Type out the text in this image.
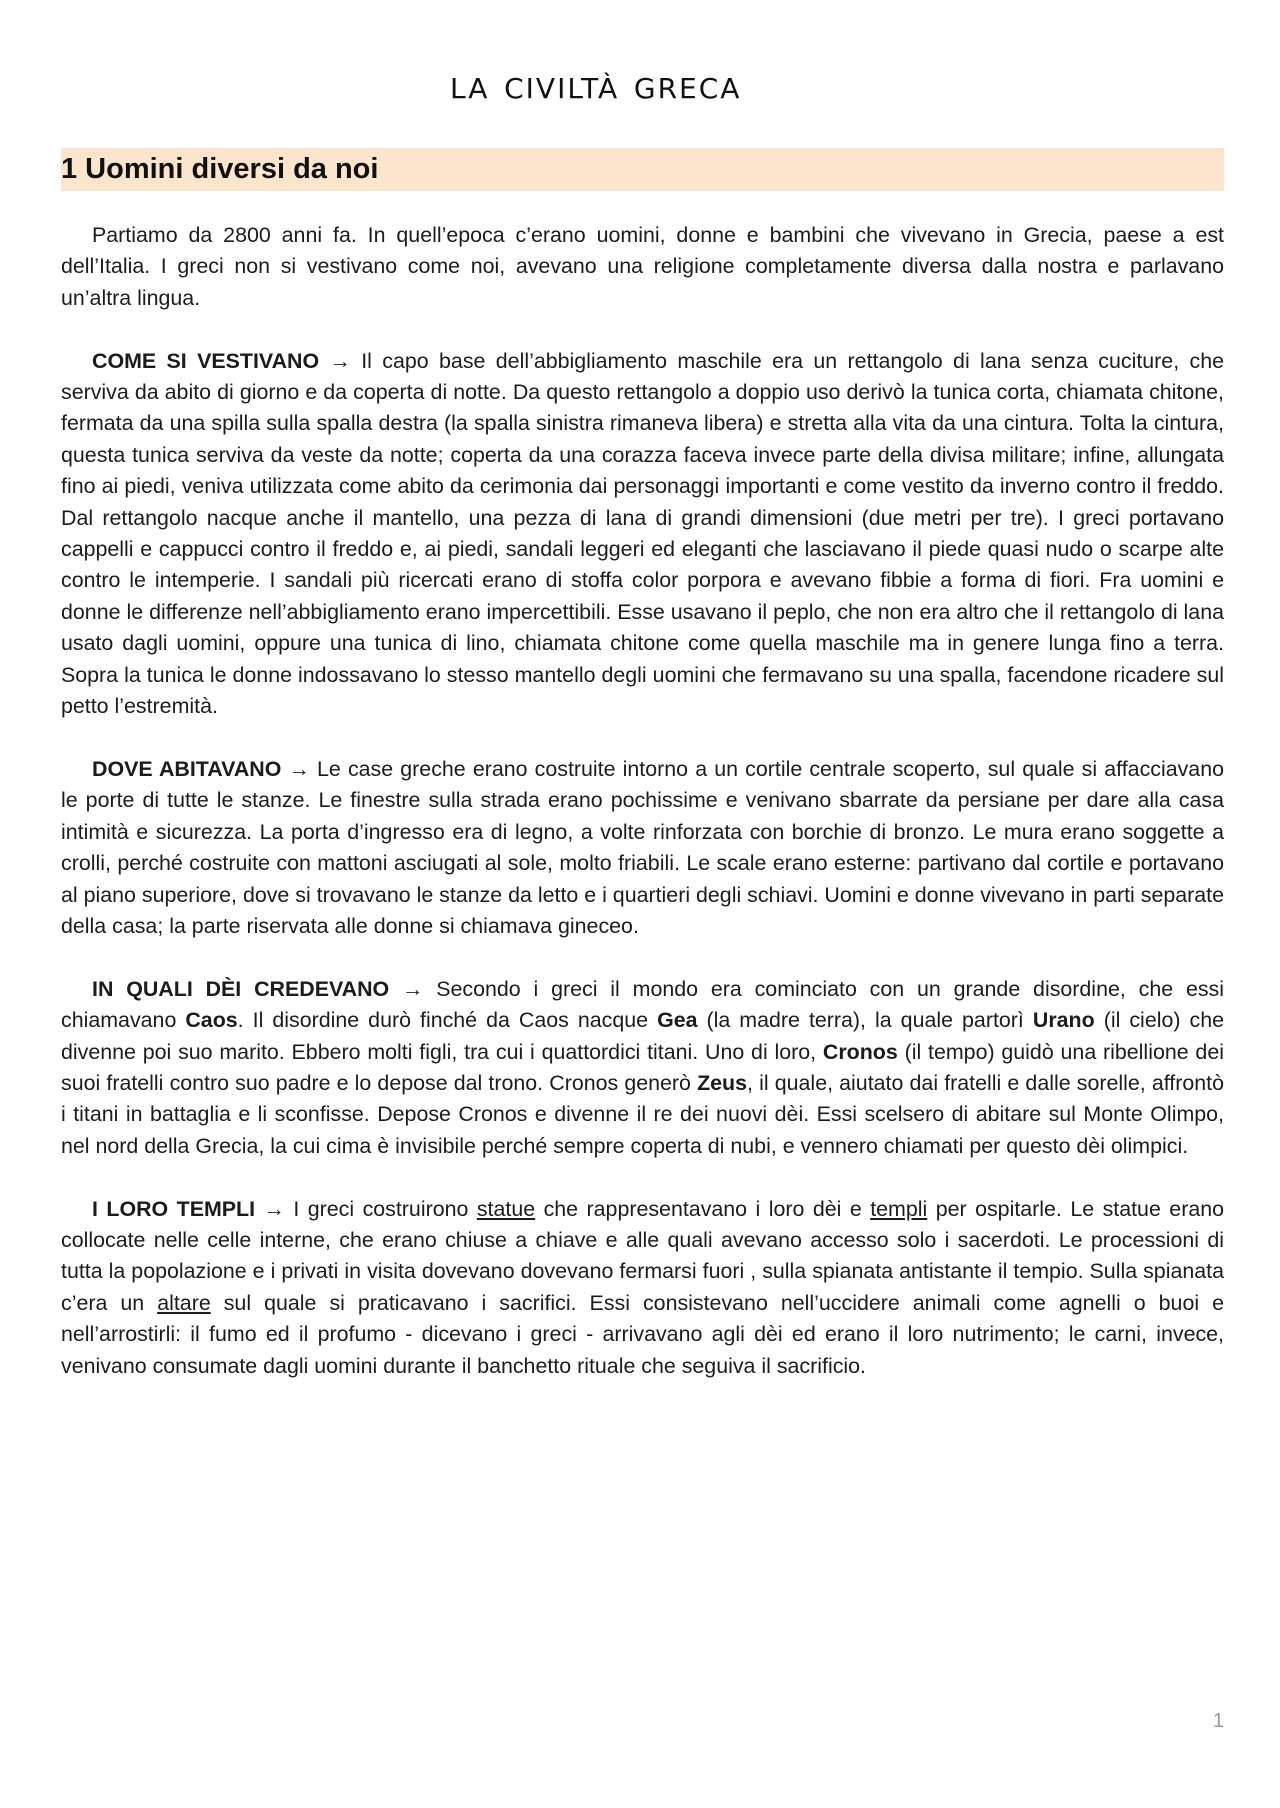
la civiltà greca
1 Uomini diversi da noi

Partiamo da 2800 anni fa. In quell’epoca c’erano uomini, donne e bambini che vivevano in Grecia, paese a est dell’Italia. I greci non si vestivano come noi, avevano una religione completamente diversa dalla nostra e parlavano un’altra lingua.

COME SI VESTIVANO → Il capo base dell’abbigliamento maschile era un rettangolo di lana senza cuciture, che serviva da abito di giorno e da coperta di notte. Da questo rettangolo a doppio uso derivò la tunica corta, chiamata chitone, fermata da una spilla sulla spalla destra (la spalla sinistra rimaneva libera) e stretta alla vita da una cintura. Tolta la cintura, questa tunica serviva da veste da notte; coperta da una corazza faceva invece parte della divisa militare; infine, allungata fino ai piedi, veniva utilizzata come abito da cerimonia dai personaggi importanti e come vestito da inverno contro il freddo. Dal rettangolo nacque anche il mantello, una pezza di lana di grandi dimensioni (due metri per tre). I greci portavano cappelli e cappucci contro il freddo e, ai piedi, sandali leggeri ed eleganti che lasciavano il piede quasi nudo o scarpe alte contro le intemperie. I sandali più ricercati erano di stoffa color porpora e avevano fibbie a forma di fiori. Fra uomini e donne le differenze nell’abbigliamento erano impercettibili. Esse usavano il peplo, che non era altro che il rettangolo di lana usato dagli uomini, oppure una tunica di lino, chiamata chitone come quella maschile ma in genere lunga fino a terra. Sopra la tunica le donne indossavano lo stesso mantello degli uomini che fermavano su una spalla, facendone ricadere sul petto l’estremità.

DOVE ABITAVANO → Le case greche erano costruite intorno a un cortile centrale scoperto, sul quale si affacciavano le porte di tutte le stanze. Le finestre sulla strada erano pochissime e venivano sbarrate da persiane per dare alla casa intimità e sicurezza. La porta d’ingresso era di legno, a volte rinforzata con borchie di bronzo. Le mura erano soggette a crolli, perché costruite con mattoni asciugati al sole, molto friabili. Le scale erano esterne: partivano dal cortile e portavano al piano superiore, dove si trovavano le stanze da letto e i quartieri degli schiavi. Uomini e donne vivevano in parti separate della casa; la parte riservata alle donne si chiamava gineceo.

IN QUALI DÈI CREDEVANO → Secondo i greci il mondo era cominciato con un grande disordine, che essi chiamavano Caos. Il disordine durò finché da Caos nacque Gea (la madre terra), la quale partorì Urano (il cielo) che divenne poi suo marito. Ebbero molti figli, tra cui i quattordici titani. Uno di loro, Cronos (il tempo) guidò una ribellione dei suoi fratelli contro suo padre e lo depose dal trono. Cronos generò Zeus, il quale, aiutato dai fratelli e dalle sorelle, affrontò i titani in battaglia e li sconfisse. Depose Cronos e divenne il re dei nuovi dèi. Essi scelsero di abitare sul Monte Olimpo, nel nord della Grecia, la cui cima è invisibile perché sempre coperta di nubi, e vennero chiamati per questo dèi olimpici.

I LORO TEMPLI → I greci costruirono statue che rappresentavano i loro dèi e templi per ospitarle. Le statue erano collocate nelle celle interne, che erano chiuse a chiave e alle quali avevano accesso solo i sacerdoti. Le processioni di tutta la popolazione e i privati in visita dovevano dovevano fermarsi fuori , sulla spianata antistante il tempio. Sulla spianata c’era un altare sul quale si praticavano i sacrifici. Essi consistevano nell’uccidere animali come agnelli o buoi e nell’arrostirli: il fumo ed il profumo - dicevano i greci - arrivavano agli dèi ed erano il loro nutrimento; le carni, invece, venivano consumate dagli uomini durante il banchetto rituale che seguiva il sacrificio.

1
